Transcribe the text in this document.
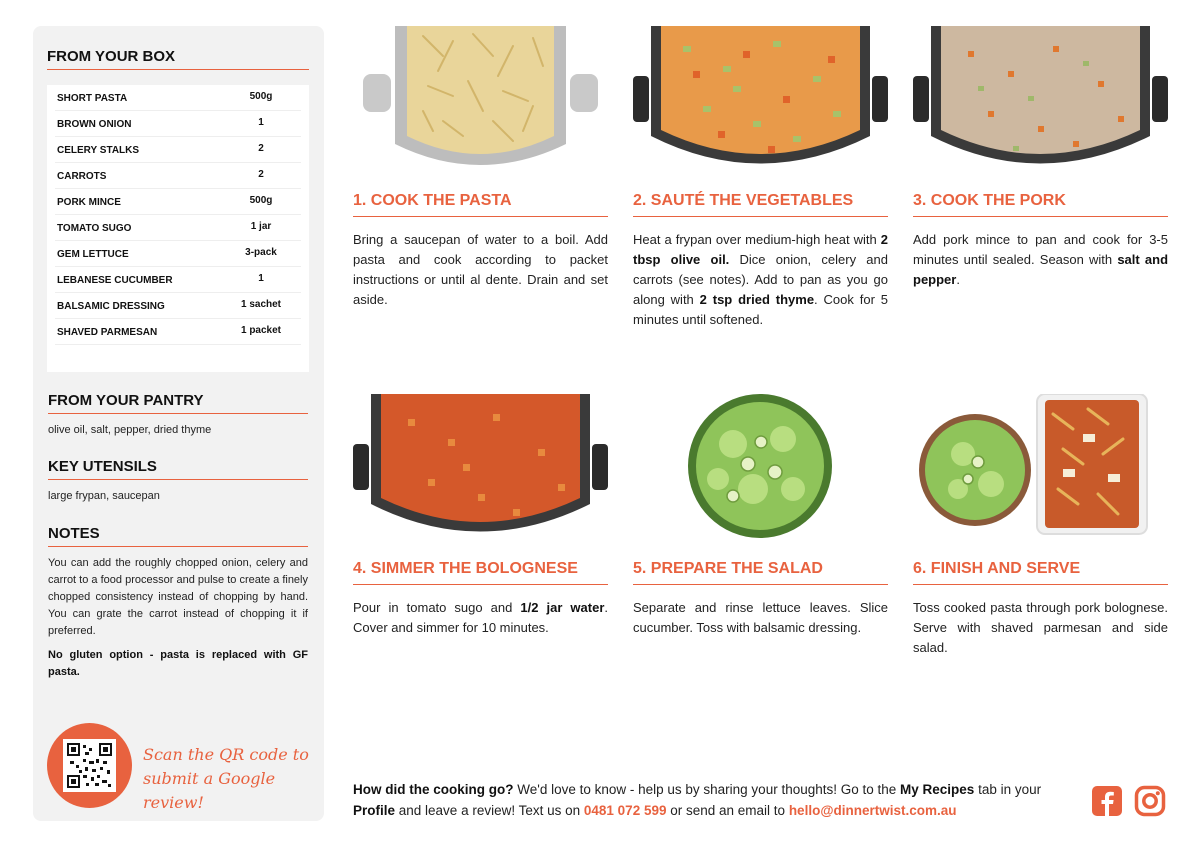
FROM YOUR BOX
SHORT PASTA	500g
BROWN ONION	1
CELERY STALKS	2
CARROTS	2
PORK MINCE	500g
TOMATO SUGO	1 jar
GEM LETTUCE	3-pack
LEBANESE CUCUMBER	1
BALSAMIC DRESSING	1 sachet
SHAVED PARMESAN	1 packet
FROM YOUR PANTRY
olive oil, salt, pepper, dried thyme
KEY UTENSILS
large frypan, saucepan
NOTES
You can add the roughly chopped onion, celery and carrot to a food processor and pulse to create a finely chopped consistency instead of chopping by hand. You can grate the carrot instead of chopping it if preferred.
No gluten option - pasta is replaced with GF pasta.
Scan the QR code to
submit a Google review!
1. COOK THE PASTA
Bring a saucepan of water to a boil. Add pasta and cook according to packet instructions or until al dente. Drain and set aside.
2. SAUTÉ THE VEGETABLES
Heat a frypan over medium-high heat with 2 tbsp olive oil. Dice onion, celery and carrots (see notes). Add to pan as you go along with 2 tsp dried thyme. Cook for 5 minutes until softened.
3. COOK THE PORK
Add pork mince to pan and cook for 3-5 minutes until sealed. Season with salt and pepper.
4. SIMMER THE BOLOGNESE
Pour in tomato sugo and 1/2 jar water. Cover and simmer for 10 minutes.
5. PREPARE THE SALAD
Separate and rinse lettuce leaves. Slice cucumber. Toss with balsamic dressing.
6. FINISH AND SERVE
Toss cooked pasta through pork bolognese. Serve with shaved parmesan and side salad.
How did the cooking go? We'd love to know - help us by sharing your thoughts! Go to the My Recipes tab in your Profile and leave a review! Text us on 0481 072 599 or send an email to hello@dinnertwist.com.au
